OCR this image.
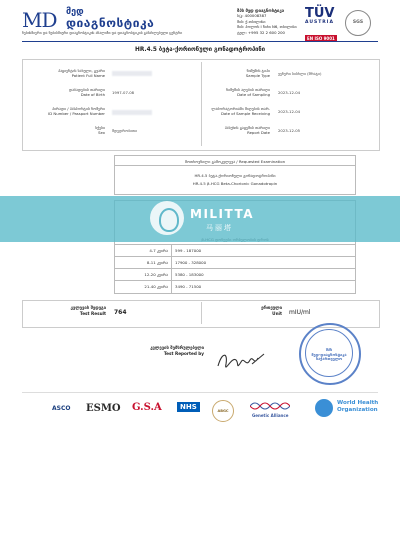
MD მედ
დიაგნოსტიკა
ნებისმიერი და ნებისმიერი დიაგნოსტიკის ანალიზი და დიაგნოსტიკის განახლებული ცენტრი
შპს მედ დიაგნოსტიკა
ს/კ: 400008387
მის: ქ.თბილისი
მის: პოლოს I ჩიხი N6, თბილისი
ტელ: +995 32 2 600 200
TÜV
AUSTRIA
EN ISO 9001
SGS
HR.4.5 ბეტა-ქორიონული გონადოტროპინი
პაციენტის სახელი, გვარი
Patient Full Name
დაბადების თარიღი
Date of Birth 1997-07-08
პირადი / პასპორტის ნომერი
ID Number / Passport Number
სქესი
Sex მდედრობითი
ნიმუშის ტიპი
Sample Type ვენური სისხლი (შრატი)
ნიმუშის აღების თარიღი
Date of Sampling 2023-12-04
ლაბორატორიაში მიღების თარ.
Date of Sample Receiving 2023-12-04
პასუხის გაცემის თარიღი
Report Date 2023-12-05
მოთხოვნილი გამოკვლევა / Requested Examination
HR.4.5 ბეტა-ქორიონული გონადოტროპინი
HR.4.5 β-HCG Beta-Chorionic Gonadotropin
4-7 კვირა 599 - 187000
8-11 კვირა 17900 - 328000
12-20 კვირა 5380 - 183000
21-40 კვირა 3490 - 71500
MILITTA
马丽塔
კვლევის შედეგი
Test Result 764
ერთეული
Unit mIU/ml
კვლევის შემსრულებელი
Test Reported by
შპს
მედ-დიაგნოსტიკა
საქართველო
ASCO ESMO G.S.A	NHS	ABGC
Genetic Alliance
World Health
Organization
